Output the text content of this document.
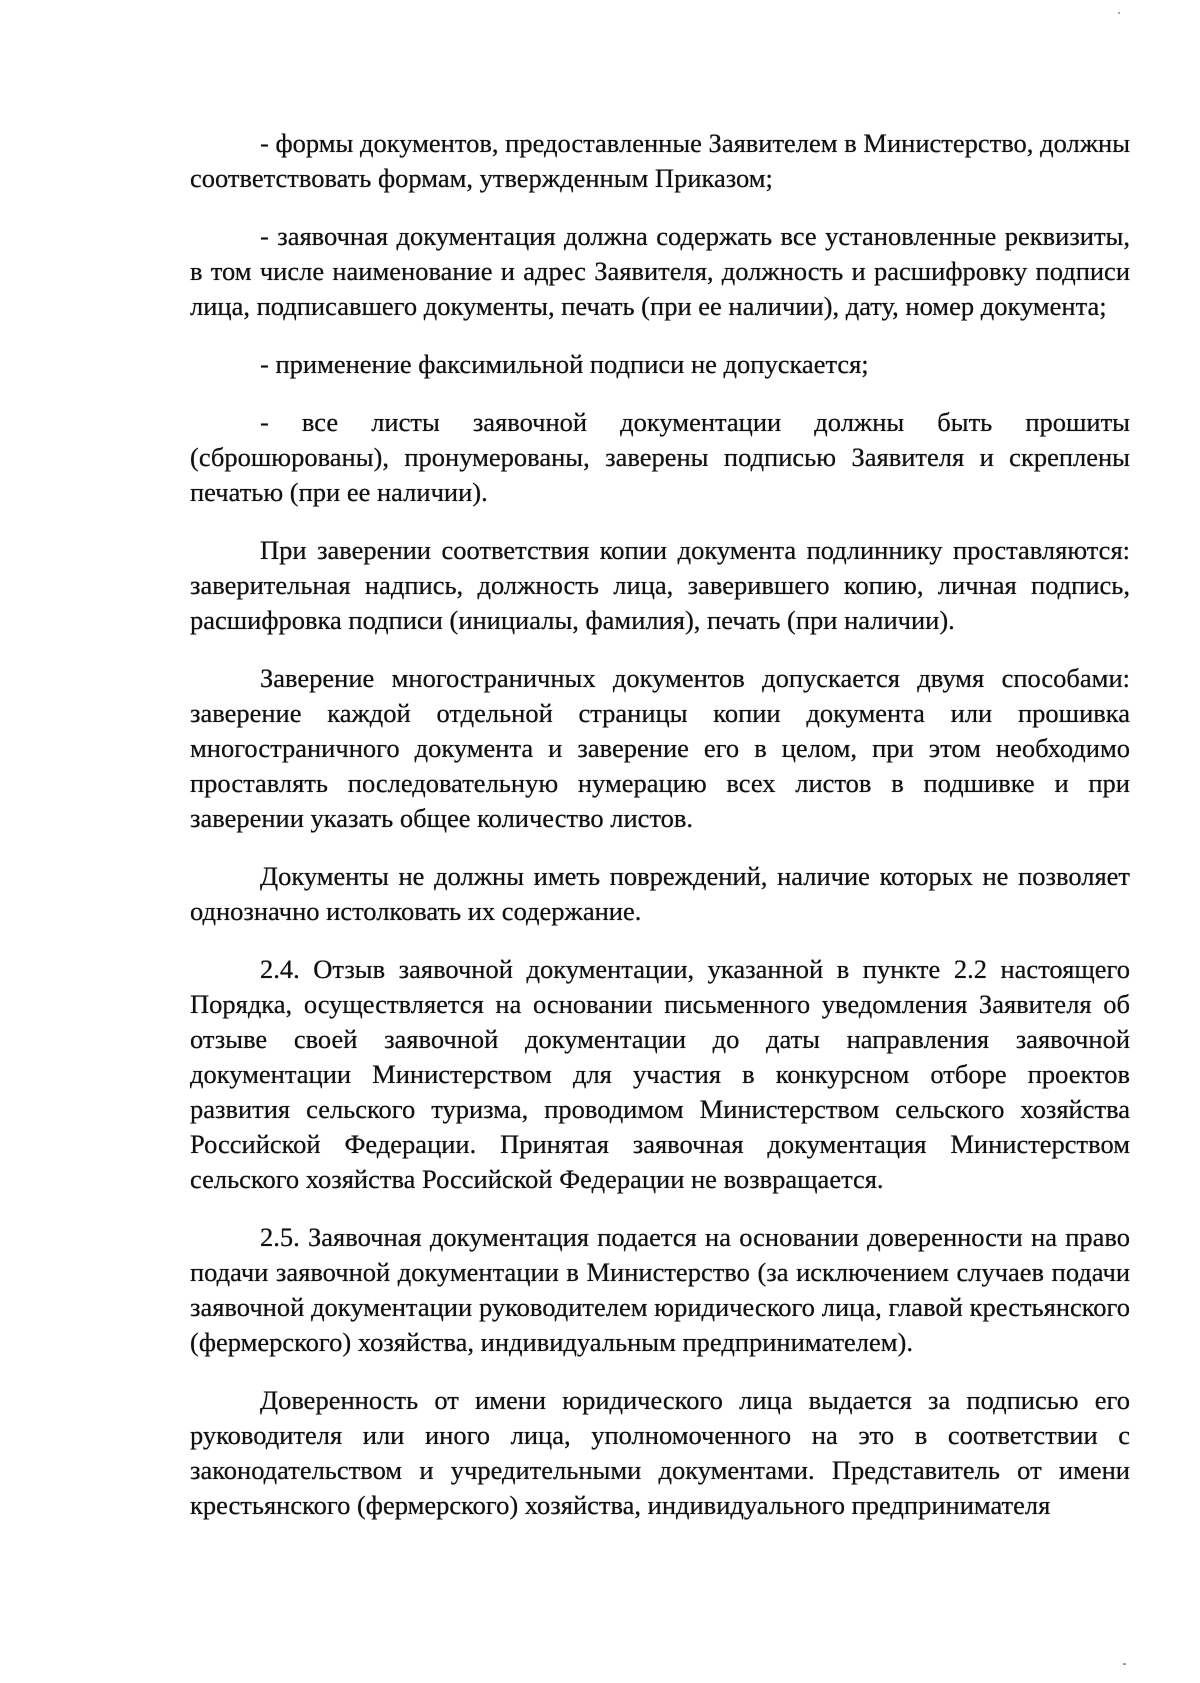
- формы документов, предоставленные Заявителем в Министерство, должны соответствовать формам, утвержденным Приказом;

- заявочная документация должна содержать все установленные реквизиты, в том числе наименование и адрес Заявителя, должность и расшифровку подписи лица, подписавшего документы, печать (при ее наличии), дату, номер документа;

- применение факсимильной подписи не допускается;

- все листы заявочной документации должны быть прошиты (сброшюрованы), пронумерованы, заверены подписью Заявителя и скреплены печатью (при ее наличии).

При заверении соответствия копии документа подлиннику проставляются: заверительная надпись, должность лица, заверившего копию, личная подпись, расшифровка подписи (инициалы, фамилия), печать (при наличии).

Заверение многостраничных документов допускается двумя способами: заверение каждой отдельной страницы копии документа или прошивка многостраничного документа и заверение его в целом, при этом необходимо проставлять последовательную нумерацию всех листов в подшивке и при заверении указать общее количество листов.

Документы не должны иметь повреждений, наличие которых не позволяет однозначно истолковать их содержание.

2.4. Отзыв заявочной документации, указанной в пункте 2.2 настоящего Порядка, осуществляется на основании письменного уведомления Заявителя об отзыве своей заявочной документации до даты направления заявочной документации Министерством для участия в конкурсном отборе проектов развития сельского туризма, проводимом Министерством сельского хозяйства Российской Федерации. Принятая заявочная документация Министерством сельского хозяйства Российской Федерации не возвращается.

2.5. Заявочная документация подается на основании доверенности на право подачи заявочной документации в Министерство (за исключением случаев подачи заявочной документации руководителем юридического лица, главой крестьянского (фермерского) хозяйства, индивидуальным предпринимателем).

Доверенность от имени юридического лица выдается за подписью его руководителя или иного лица, уполномоченного на это в соответствии с законодательством и учредительными документами. Представитель от имени крестьянского (фермерского) хозяйства, индивидуального предпринимателя
